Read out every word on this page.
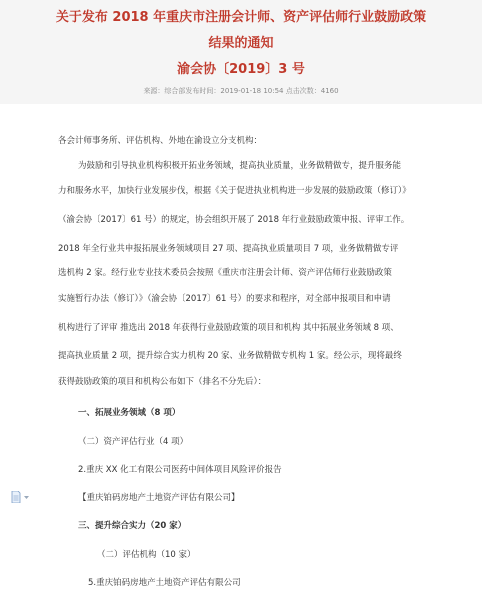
关于发布 2018 年重庆市注册会计师、资产评估师行业鼓励政策
结果的通知
渝会协〔2019〕3 号
来源：综合部发布时间：2019-01-18 10:54 点击次数：4160
各会计师事务所、评估机构、外地在渝设立分支机构：
为鼓励和引导执业机构积极开拓业务领域，提高执业质量，业务做精做专，提升服务能
力和服务水平，加快行业发展步伐，根据《关于促进执业机构进一步发展的鼓励政策（修订）》
（渝会协〔2017〕61 号）的规定，协会组织开展了 2018 年行业鼓励政策申报、评审工作。
2018 年全行业共申报拓展业务领域项目 27 项、提高执业质量项目 7 项，业务做精做专评
选机构 2 家。经行业专业技术委员会按照《重庆市注册会计师、资产评估师行业鼓励政策
实施暂行办法（修订）》（渝会协〔2017〕61 号）的要求和程序，对全部申报项目和申请
机构进行了评审 推选出 2018 年获得行业鼓励政策的项目和机构 其中拓展业务领域 8 项、
提高执业质量 2 项，提升综合实力机构 20 家、业务做精做专机构 1 家。经公示，现将最终
获得鼓励政策的项目和机构公布如下（排名不分先后）：
一、拓展业务领域（8 项）
（二）资产评估行业（4 项）
2.重庆 XX 化工有限公司医药中间体项目风险评价报告
【重庆铂码房地产土地资产评估有限公司】
三、提升综合实力（20 家）
（二）评估机构（10 家）
5.重庆铂码房地产土地资产评估有限公司
